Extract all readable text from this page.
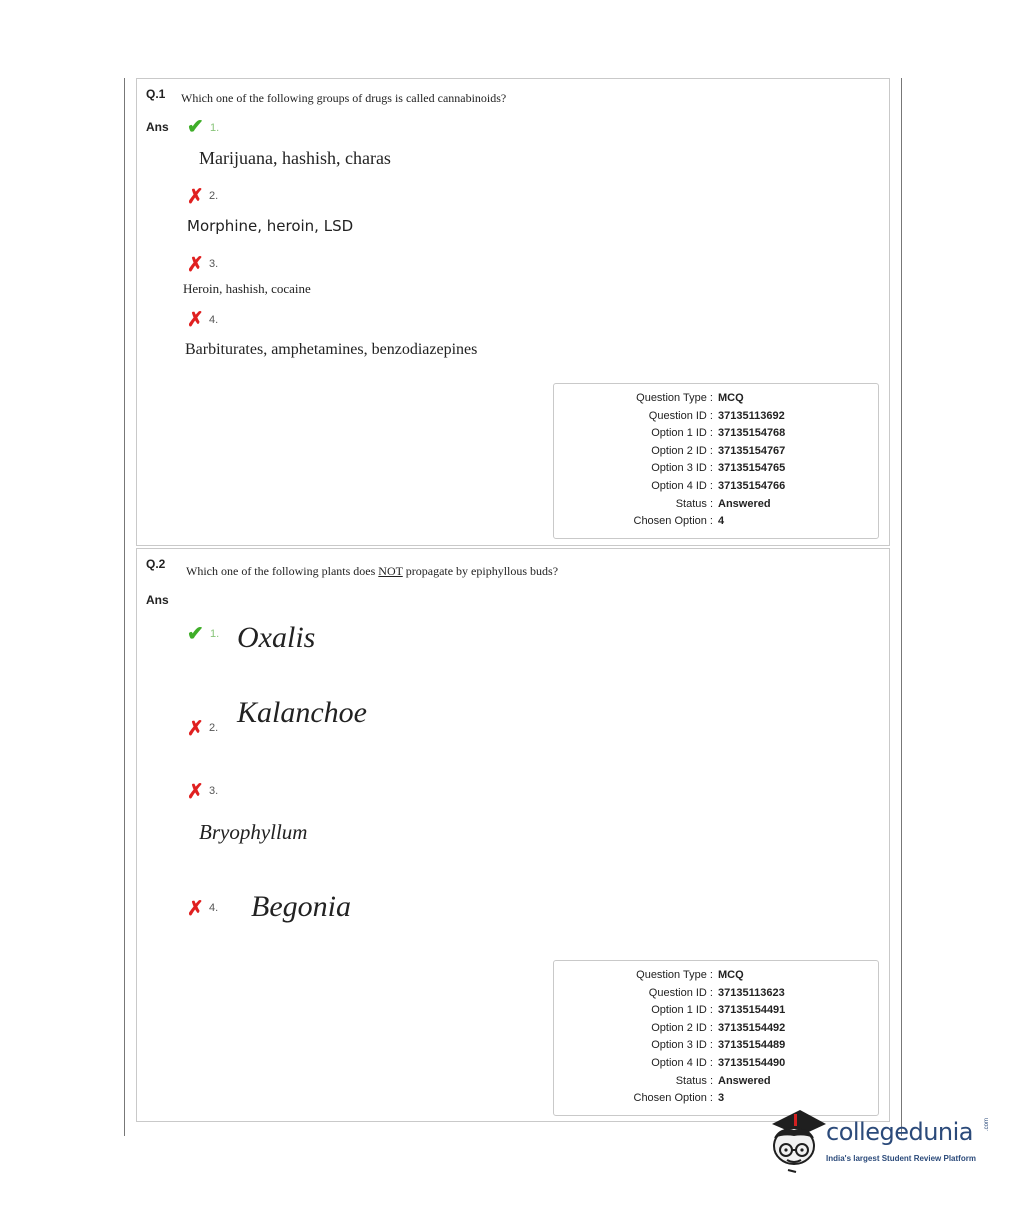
Q.1 Which one of the following groups of drugs is called cannabinoids?
Ans ✔ 1.
Marijuana, hashish, charas
✗ 2.
Morphine, heroin, LSD
✗ 3.
Heroin, hashish, cocaine
✗ 4.
Barbiturates, amphetamines, benzodiazepines
Question Type : MCQ
Question ID : 37135113692
Option 1 ID : 37135154768
Option 2 ID : 37135154767
Option 3 ID : 37135154765
Option 4 ID : 37135154766
Status : Answered
Chosen Option : 4
Q.2 Which one of the following plants does NOT propagate by epiphyllous buds?
Ans
✔ 1. Oxalis
✗ 2. Kalanchoe
✗ 3.
Bryophyllum
✗ 4. Begonia
Question Type : MCQ
Question ID : 37135113623
Option 1 ID : 37135154491
Option 2 ID : 37135154492
Option 3 ID : 37135154489
Option 4 ID : 37135154490
Status : Answered
Chosen Option : 3
collegedunia .com
India's largest Student Review Platform
